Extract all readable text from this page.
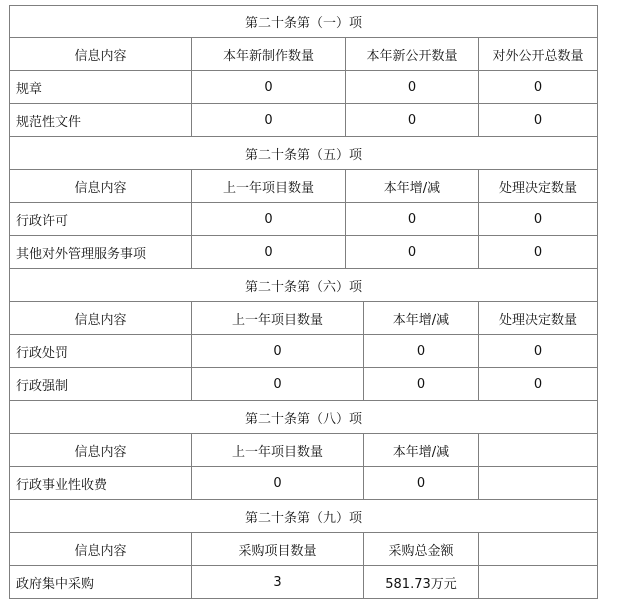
第二十条第（一）项
信息内容	本年新制作数量	本年新公开数量	对外公开总数量
规章	0	0	0
规范性文件	0	0	0
第二十条第（五）项
信息内容	上一年项目数量	本年增/减	处理决定数量
行政许可	0	0	0
其他对外管理服务事项	0	0	0
第二十条第（六）项
信息内容	上一年项目数量	本年增/减	处理决定数量
行政处罚	0	0	0
行政强制	0	0	0
第二十条第（八）项
信息内容	上一年项目数量	本年增/减
行政事业性收费	0	0
第二十条第（九）项
信息内容	采购项目数量	采购总金额
政府集中采购	3	581.73万元
